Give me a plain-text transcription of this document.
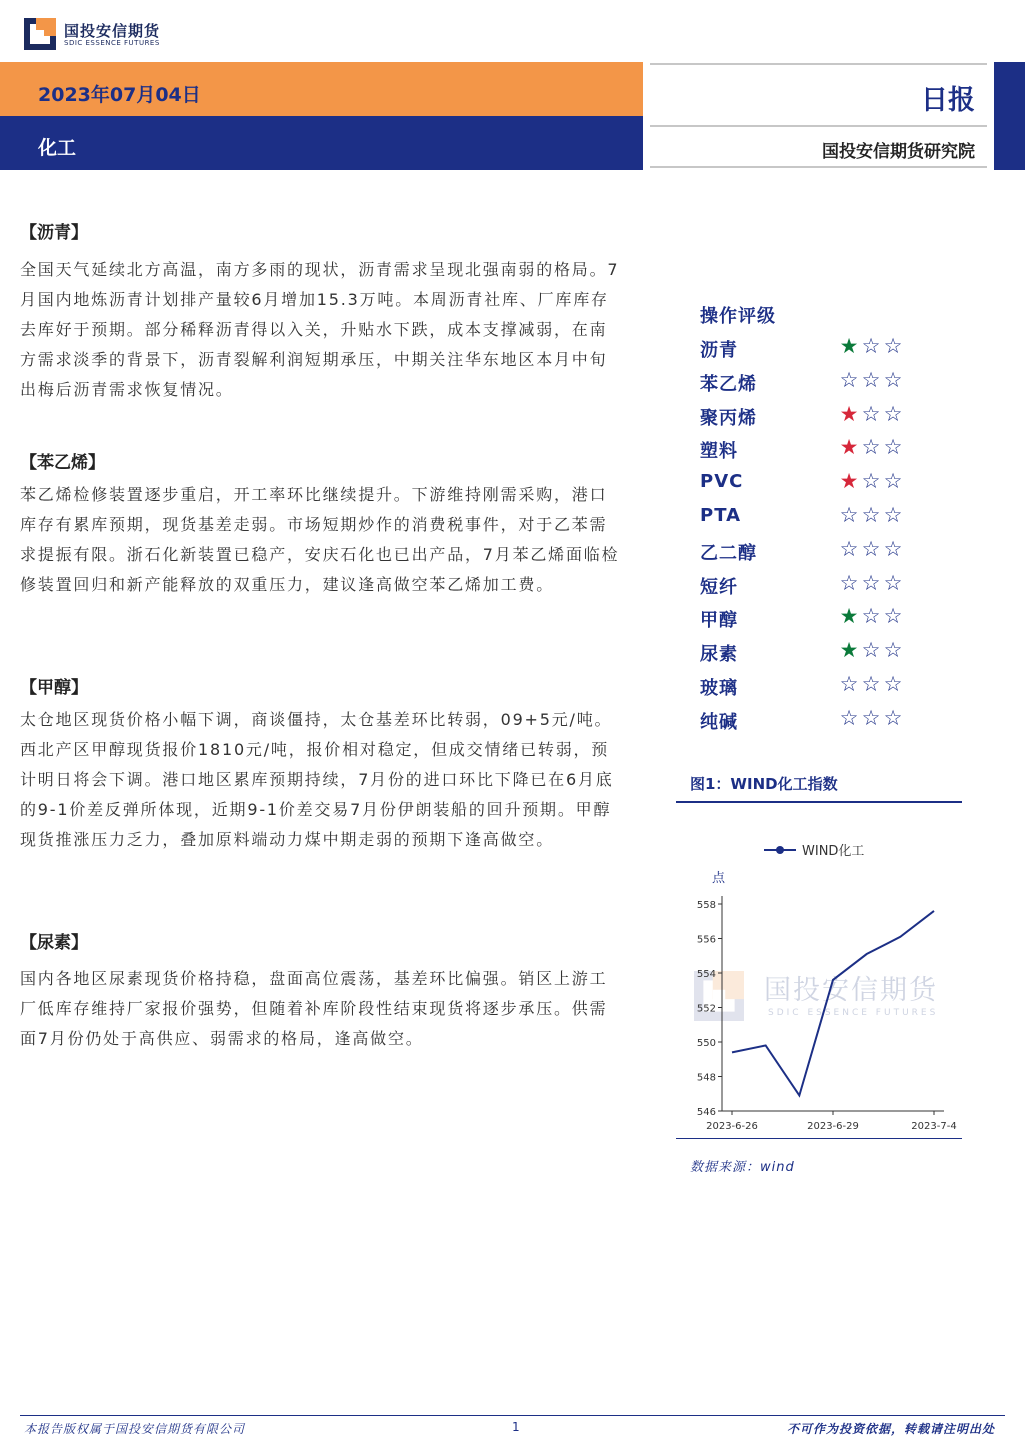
国投安信期货
SDIC ESSENCE FUTURES
2023年07月04日
化工
日报
国投安信期货研究院
【沥青】
全国天气延续北方高温，南方多雨的现状，沥青需求呈现北强南弱的格局。7月国内地炼沥青计划排产量较6月增加15.3万吨。本周沥青社库、厂库库存去库好于预期。部分稀释沥青得以入关，升贴水下跌，成本支撑减弱，在南方需求淡季的背景下，沥青裂解利润短期承压，中期关注华东地区本月中旬出梅后沥青需求恢复情况。
【苯乙烯】
苯乙烯检修装置逐步重启，开工率环比继续提升。下游维持刚需采购，港口库存有累库预期，现货基差走弱。市场短期炒作的消费税事件，对于乙苯需求提振有限。浙石化新装置已稳产，安庆石化也已出产品，7月苯乙烯面临检修装置回归和新产能释放的双重压力，建议逢高做空苯乙烯加工费。
【甲醇】
太仓地区现货价格小幅下调，商谈僵持，太仓基差环比转弱，09+5元/吨。西北产区甲醇现货报价1810元/吨，报价相对稳定，但成交情绪已转弱，预计明日将会下调。港口地区累库预期持续，7月份的进口环比下降已在6月底的9-1价差反弹所体现，近期9-1价差交易7月份伊朗装船的回升预期。甲醇现货推涨压力乏力，叠加原料端动力煤中期走弱的预期下逢高做空。
【尿素】
国内各地区尿素现货价格持稳，盘面高位震荡，基差环比偏强。销区上游工厂低库存维持厂家报价强势，但随着补库阶段性结束现货将逐步承压。供需面7月份仍处于高供应、弱需求的格局，逢高做空。
操作评级
沥青	★ ☆ ☆
苯乙烯	☆ ☆ ☆
聚丙烯	★ ☆ ☆
塑料	★ ☆ ☆
PVC	★ ☆ ☆
PTA	☆ ☆ ☆
乙二醇	☆ ☆ ☆
短纤	☆ ☆ ☆
甲醇	★ ☆ ☆
尿素	★ ☆ ☆
玻璃	☆ ☆ ☆
纯碱	☆ ☆ ☆
图1：WIND化工指数
国投安信期货
SDIC ESSENCE FUTURES
WIND化工
点
546
548
550
552
554
556
558
2023-6-26	2023-6-29	2023-7-4
数据来源：wind
本报告版权属于国投安信期货有限公司	1	不可作为投资依据，转载请注明出处
